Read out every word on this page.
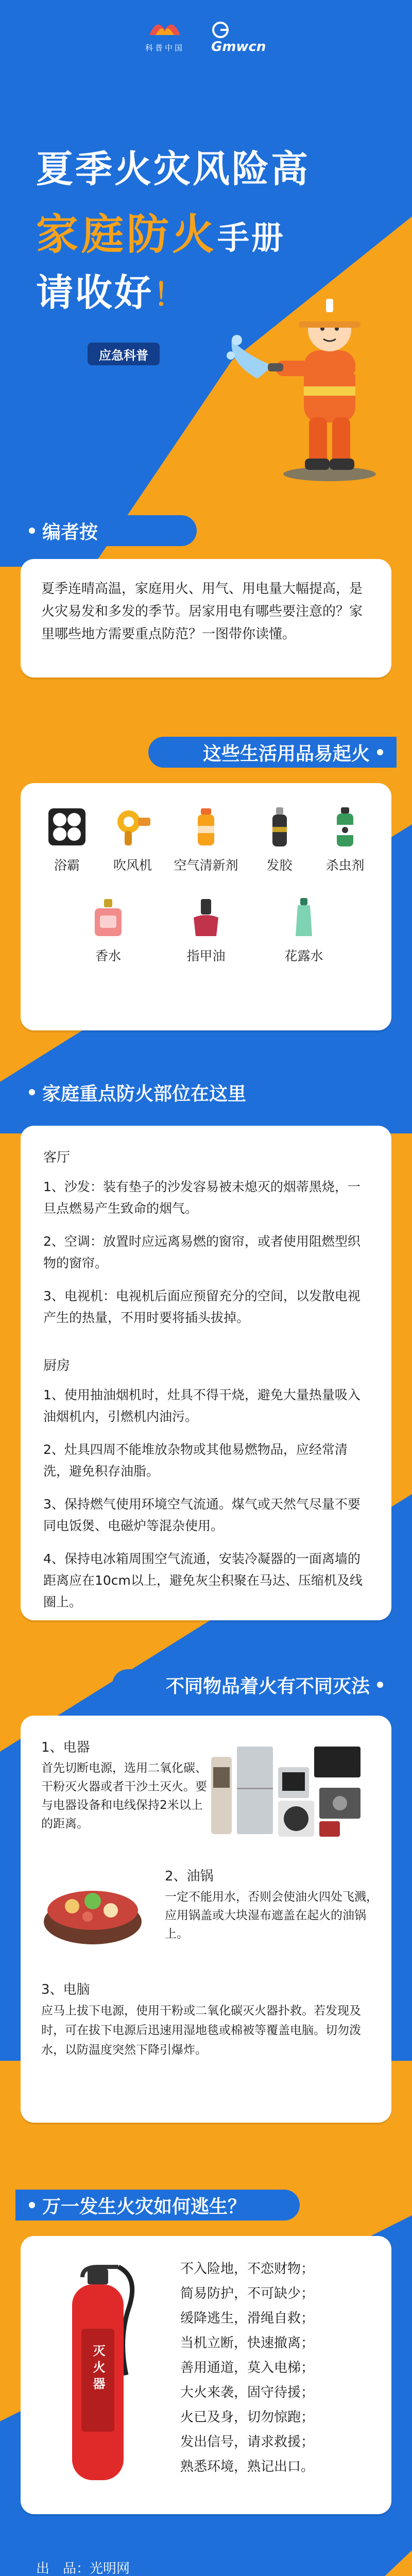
科普中国	Gmwcn
夏季火灾风险高
家庭防火手册
请收好！
应急科普
编者按

夏季连晴高温，家庭用火、用气、用电量大幅提高，是火灾易发和多发的季节。居家用电有哪些要注意的？家里哪些地方需要重点防范？一图带你读懂。

这些生活用品易起火
浴霸	吹风机 空气清新剂 发胶	杀虫剂
香水	指甲油	花露水
家庭重点防火部位在这里
客厅

1、沙发：装有垫子的沙发容易被未熄灭的烟蒂黑烧，一旦点燃易产生致命的烟气。

2、空调：放置时应远离易燃的窗帘，或者使用阻燃型织物的窗帘。

3、电视机：电视机后面应预留充分的空间，以发散电视产生的热量，不用时要将插头拔掉。

厨房

1、使用抽油烟机时，灶具不得干烧，避免大量热量吸入油烟机内，引燃机内油污。

2、灶具四周不能堆放杂物或其他易燃物品，应经常清洗，避免积存油脂。

3、保持燃气使用环境空气流通。煤气或天然气尽量不要同电饭煲、电磁炉等混杂使用。

4、保持电冰箱周围空气流通，安装冷凝器的一面离墙的距离应在10cm以上，避免灰尘积聚在马达、压缩机及线圈上。

不同物品着火有不同灭法
1、电器

首先切断电源，选用二氧化碳、干粉灭火器或者干沙土灭火。要与电器设备和电线保持2米以上的距离。

2、油锅

一定不能用水，否则会使油火四处飞溅，应用锅盖或大块湿布遮盖在起火的油锅上。

3、电脑

应马上拔下电源，使用干粉或二氧化碳灭火器扑救。若发现及时，可在拔下电源后迅速用湿地毯或棉被等覆盖电脑。切勿泼水，以防温度突然下降引爆炸。

万一发生火灾如何逃生？
灭火器

不入险地，不恋财物；

简易防护，不可缺少；

缓降逃生，滑绳自救；

当机立断，快速撤离；

善用通道，莫入电梯；

大火来袭，固守待援；

火已及身，切勿惊跑；

发出信号，请求救援；

熟悉环境，熟记出口。

出　品：光明网
